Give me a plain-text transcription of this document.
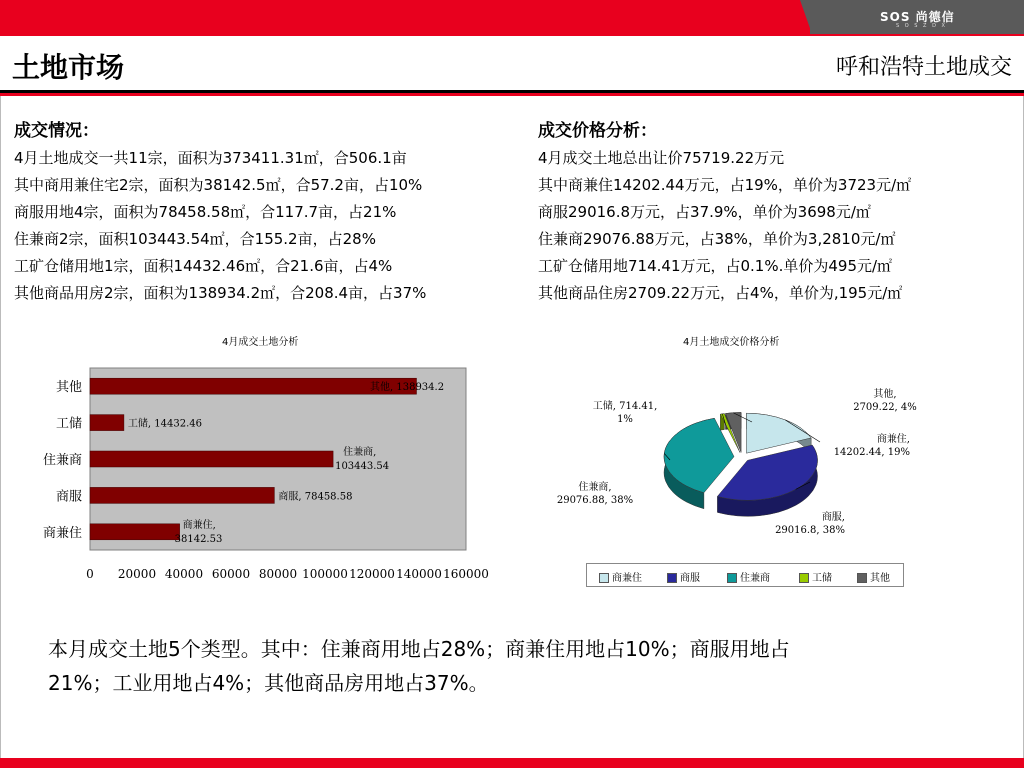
SOS 尚德信
S O S Z D X
土地市场	呼和浩特土地成交
成交情况：
4月土地成交一共11宗，面积为373411.31㎡，合506.1亩
其中商用兼住宅2宗，面积为38142.5㎡，合57.2亩，占10%
商服用地4宗，面积为78458.58㎡，合117.7亩，占21%
住兼商2宗，面积103443.54㎡，合155.2亩，占28%
工矿仓储用地1宗，面积14432.46㎡，合21.6亩，占4%
其他商品用房2宗，面积为138934.2㎡，合208.4亩，占37%
成交价格分析：
4月成交土地总出让价75719.22万元
其中商兼住14202.44万元，占19%，单价为3723元/㎡
商服29016.8万元，占37.9%，单价为3698元/㎡
住兼商29076.88万元，占38%，单价为3,2810元/㎡
工矿仓储用地714.41万元，占0.1%.单价为495元/㎡
其他商品住房2709.22万元，占4%，单价为,195元/㎡
4月成交土地分析
其他	其他, 138934.2
工储	工储, 14432.46
住兼商
住兼商,
103443.54
商服	商服, 78458.58
商兼住
商兼住,
38142.53
0 20000 40000 60000 80000 100000 120000 140000 160000
4月土地成交价格分析
商兼住,
14202.44, 19%
商服,
29016.8, 38%
住兼商,
29076.88, 38%
工储, 714.41,
1%
其他,
2709.22, 4%
商兼住	商服	住兼商	工储	其他
本月成交土地5个类型。其中：住兼商用地占28%；商兼住用地占10%；商服用地占
21%；工业用地占4%；其他商品房用地占37%。
